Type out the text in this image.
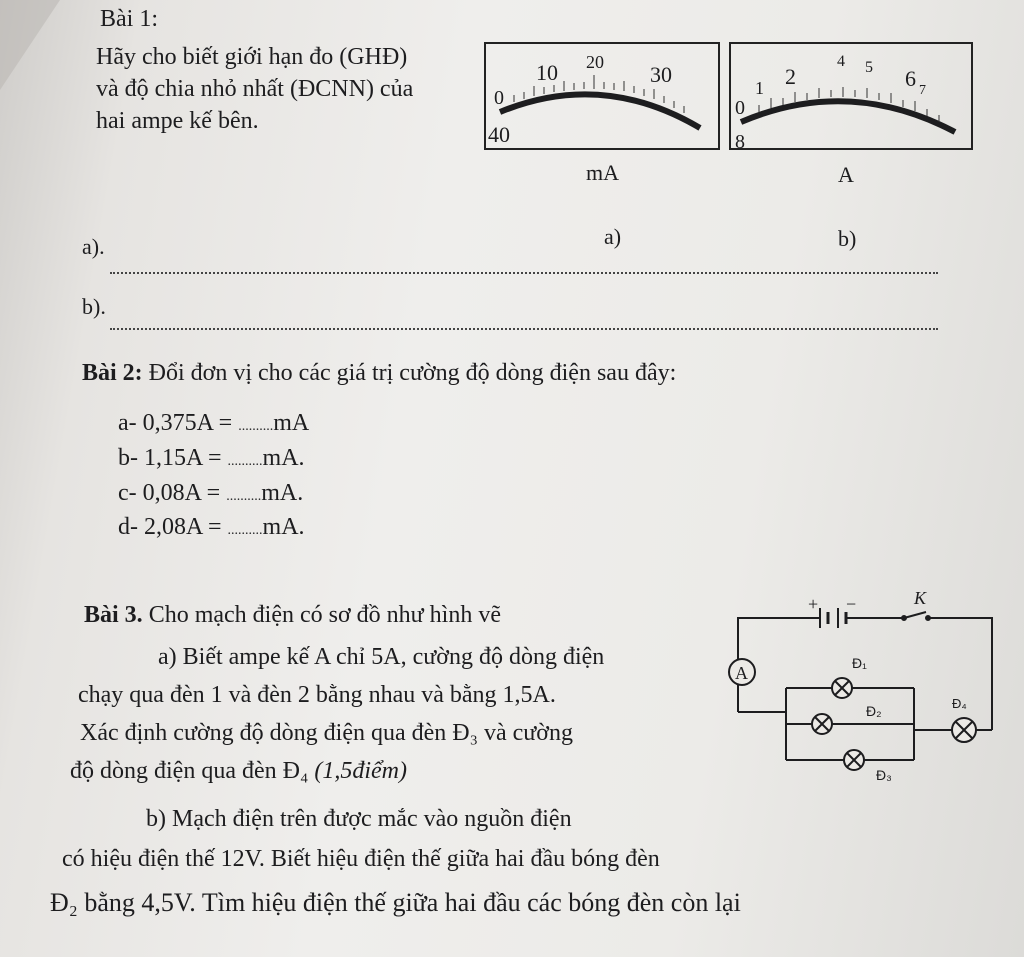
Bài 1:
Hãy cho biết giới hạn đo (GHĐ)
và độ chia nhỏ nhất (ĐCNN) của
hai ampe kế bên.
10 20 30
0
40
1 2
4 5 6 7
0
8
mA	A
a)	b)
a).
b).
Bài 2: Đổi đơn vị cho các giá trị cường độ dòng điện sau đây:
a- 0,375A = ..........mA
b- 1,15A = ..........mA.
c- 0,08A = ..........mA.
d- 2,08A = ..........mA.
Bài 3. Cho mạch điện có sơ đồ như hình vẽ
a) Biết ampe kế A chỉ 5A, cường độ dòng điện
chạy qua đèn 1 và đèn 2 bằng nhau và bằng 1,5A.
Xác định cường độ dòng điện qua đèn Đ₃ và cường
độ dòng điện qua đèn Đ₄ (1,5điểm)
b) Mạch điện trên được mắc vào nguồn điện
có hiệu điện thế 12V. Biết hiệu điện thế giữa hai đầu bóng đèn
Đ₂ bằng 4,5V. Tìm hiệu điện thế giữa hai đầu các bóng đèn còn lại
+ −	K
A	Đ₁
Đ₂
Đ₃
Đ₄
